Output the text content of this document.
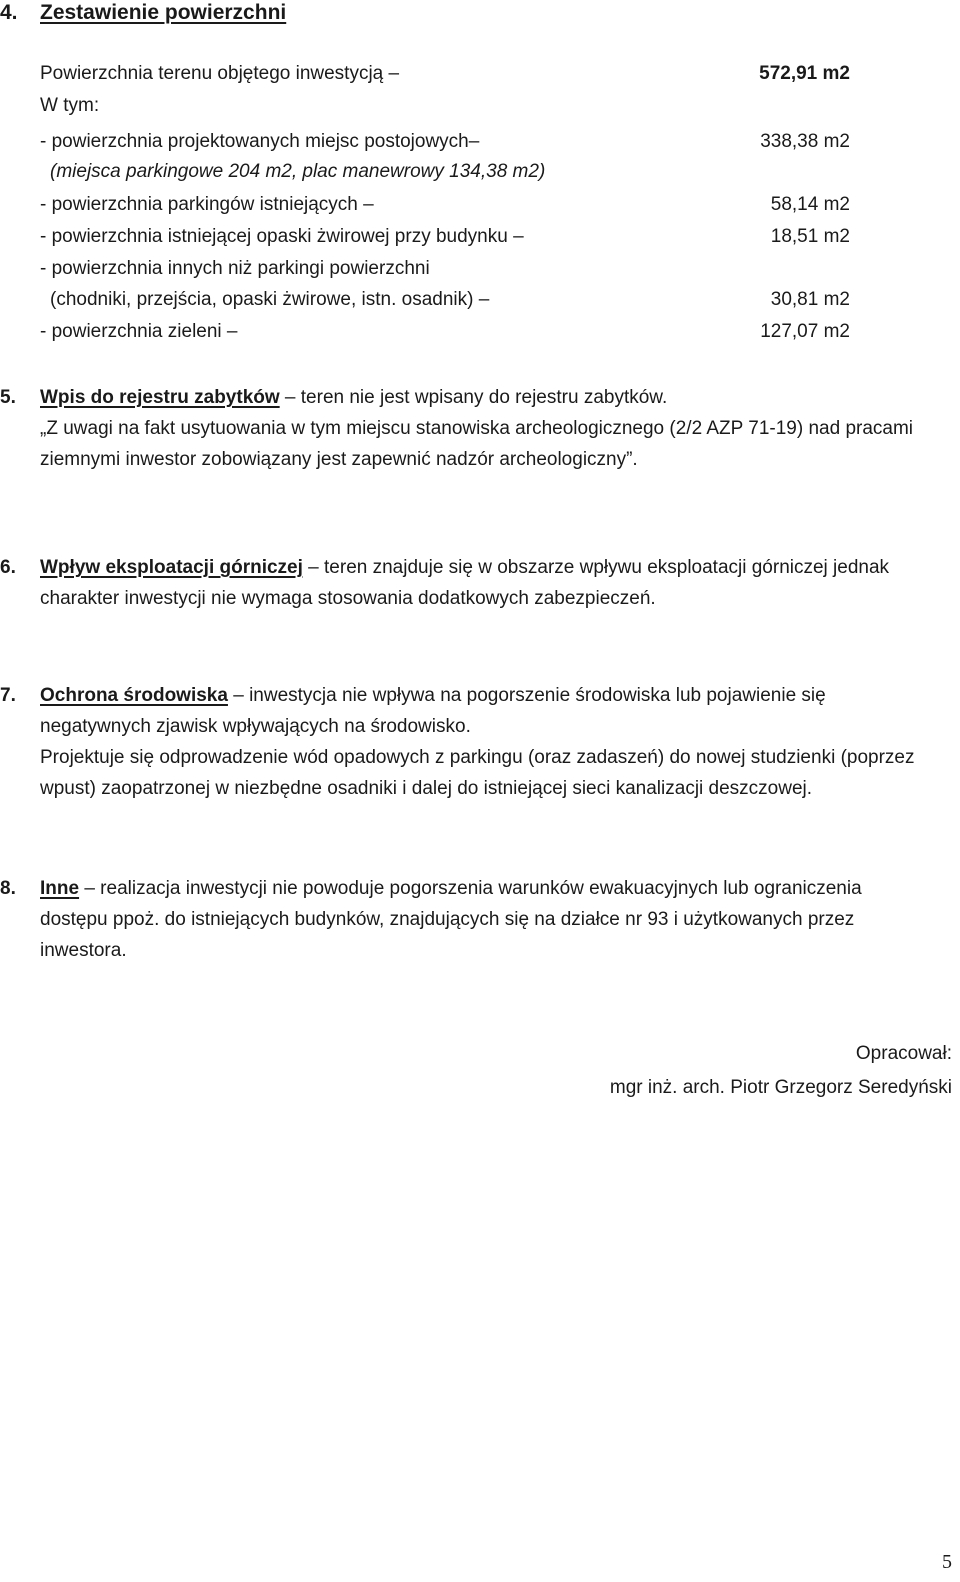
4. Zestawienie powierzchni
Powierzchnia terenu objętego inwestycją –	572,91 m2
W tym:
- powierzchnia projektowanych miejsc postojowych–	338,38 m2
(miejsca parkingowe 204 m2, plac manewrowy 134,38 m2)
- powierzchnia parkingów istniejących –	58,14 m2
- powierzchnia istniejącej opaski żwirowej przy budynku –	18,51 m2
- powierzchnia innych niż parkingi powierzchni
(chodniki, przejścia, opaski żwirowe, istn. osadnik) –	30,81 m2
- powierzchnia zieleni –	127,07 m2
5. Wpis do rejestru zabytków – teren nie jest wpisany do rejestru zabytków.

„Z uwagi na fakt usytuowania w tym miejscu stanowiska archeologicznego (2/2 AZP 71-19) nad pracami ziemnymi inwestor zobowiązany jest zapewnić nadzór archeologiczny”.

6. Wpływ eksploatacji górniczej – teren znajduje się w obszarze wpływu eksploatacji górniczej jednak charakter inwestycji nie wymaga stosowania dodatkowych zabezpieczeń.

7. Ochrona środowiska – inwestycja nie wpływa na pogorszenie środowiska lub pojawienie się negatywnych zjawisk wpływających na środowisko.

Projektuje się odprowadzenie wód opadowych z parkingu (oraz zadaszeń) do nowej studzienki (poprzez wpust) zaopatrzonej w niezbędne osadniki i dalej do istniejącej sieci kanalizacji deszczowej.

8. Inne – realizacja inwestycji nie powoduje pogorszenia warunków ewakuacyjnych lub ograniczenia dostępu ppoż. do istniejących budynków, znajdujących się na działce nr 93 i użytkowanych przez inwestora.

Opracował:
mgr inż. arch. Piotr Grzegorz Seredyński
5
